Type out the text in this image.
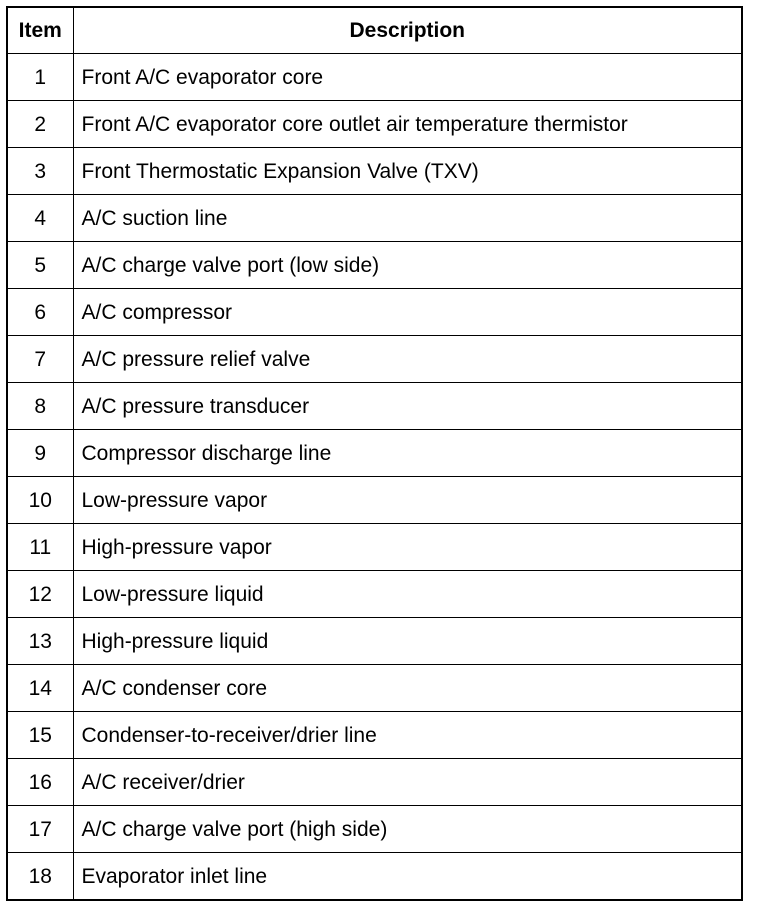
Item	Description
1	Front A/C evaporator core
2	Front A/C evaporator core outlet air temperature thermistor
3	Front Thermostatic Expansion Valve (TXV)
4	A/C suction line
5	A/C charge valve port (low side)
6	A/C compressor
7	A/C pressure relief valve
8	A/C pressure transducer
9	Compressor discharge line
10	Low-pressure vapor
11	High-pressure vapor
12	Low-pressure liquid
13	High-pressure liquid
14	A/C condenser core
15	Condenser-to-receiver/drier line
16	A/C receiver/drier
17	A/C charge valve port (high side)
18	Evaporator inlet line
